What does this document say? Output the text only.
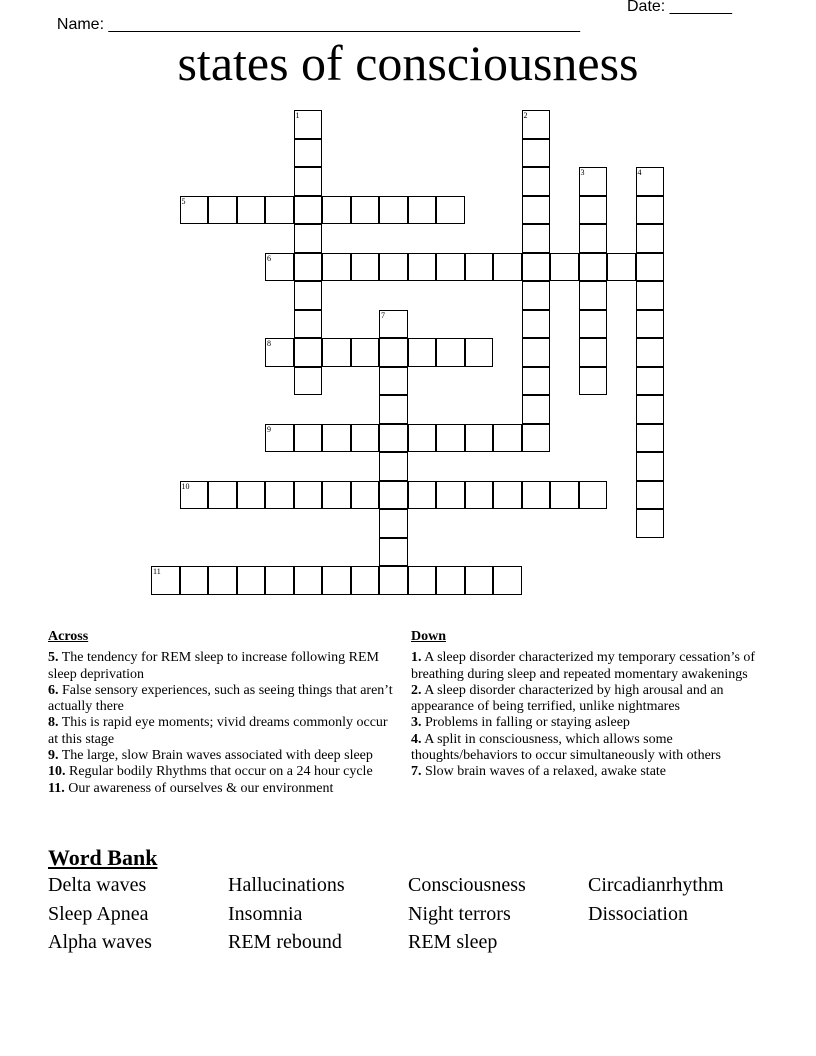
Name: _____________________________________________________

Date: _______

states of consciousness
1	2
3	4
5
6
7
8
9
10
11
Across
5. The tendency for REM sleep to increase following REM sleep deprivation
6. False sensory experiences, such as seeing things that aren’t actually there
8. This is rapid eye moments; vivid dreams commonly occur at this stage
9. The large, slow Brain waves associated with deep sleep
10. Regular bodily Rhythms that occur on a 24 hour cycle
11. Our awareness of ourselves & our environment
Down
1. A sleep disorder characterized my temporary cessation’s of breathing during sleep and repeated momentary awakenings
2. A sleep disorder characterized by high arousal and an appearance of being terrified, unlike nightmares
3. Problems in falling or staying asleep
4. A split in consciousness, which allows some thoughts/behaviors to occur simultaneously with others
7. Slow brain waves of a relaxed, awake state
Word Bank
Delta waves	Hallucinations	Consciousness	Circadianrhythm
Sleep Apnea	Insomnia	Night terrors	Dissociation
Alpha waves	REM rebound	REM sleep
